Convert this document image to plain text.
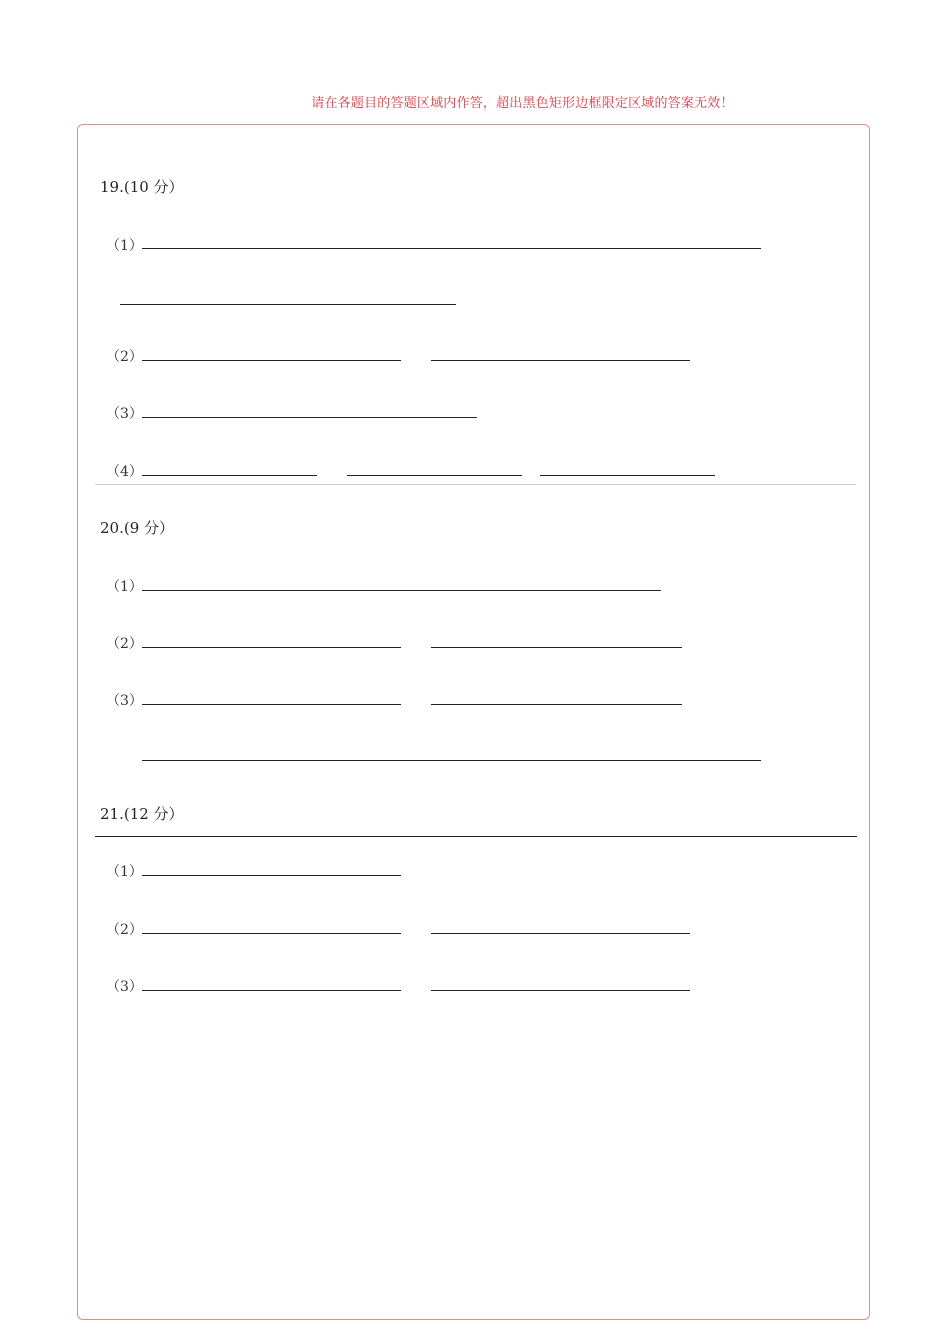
请在各题目的答题区域内作答，超出黑色矩形边框限定区域的答案无效！
19.(10 分）
（1）
（2）
（3）
（4）
20.(9 分）
（1）
（2）
（3）
21.(12 分）
（1）
（2）
（3）
